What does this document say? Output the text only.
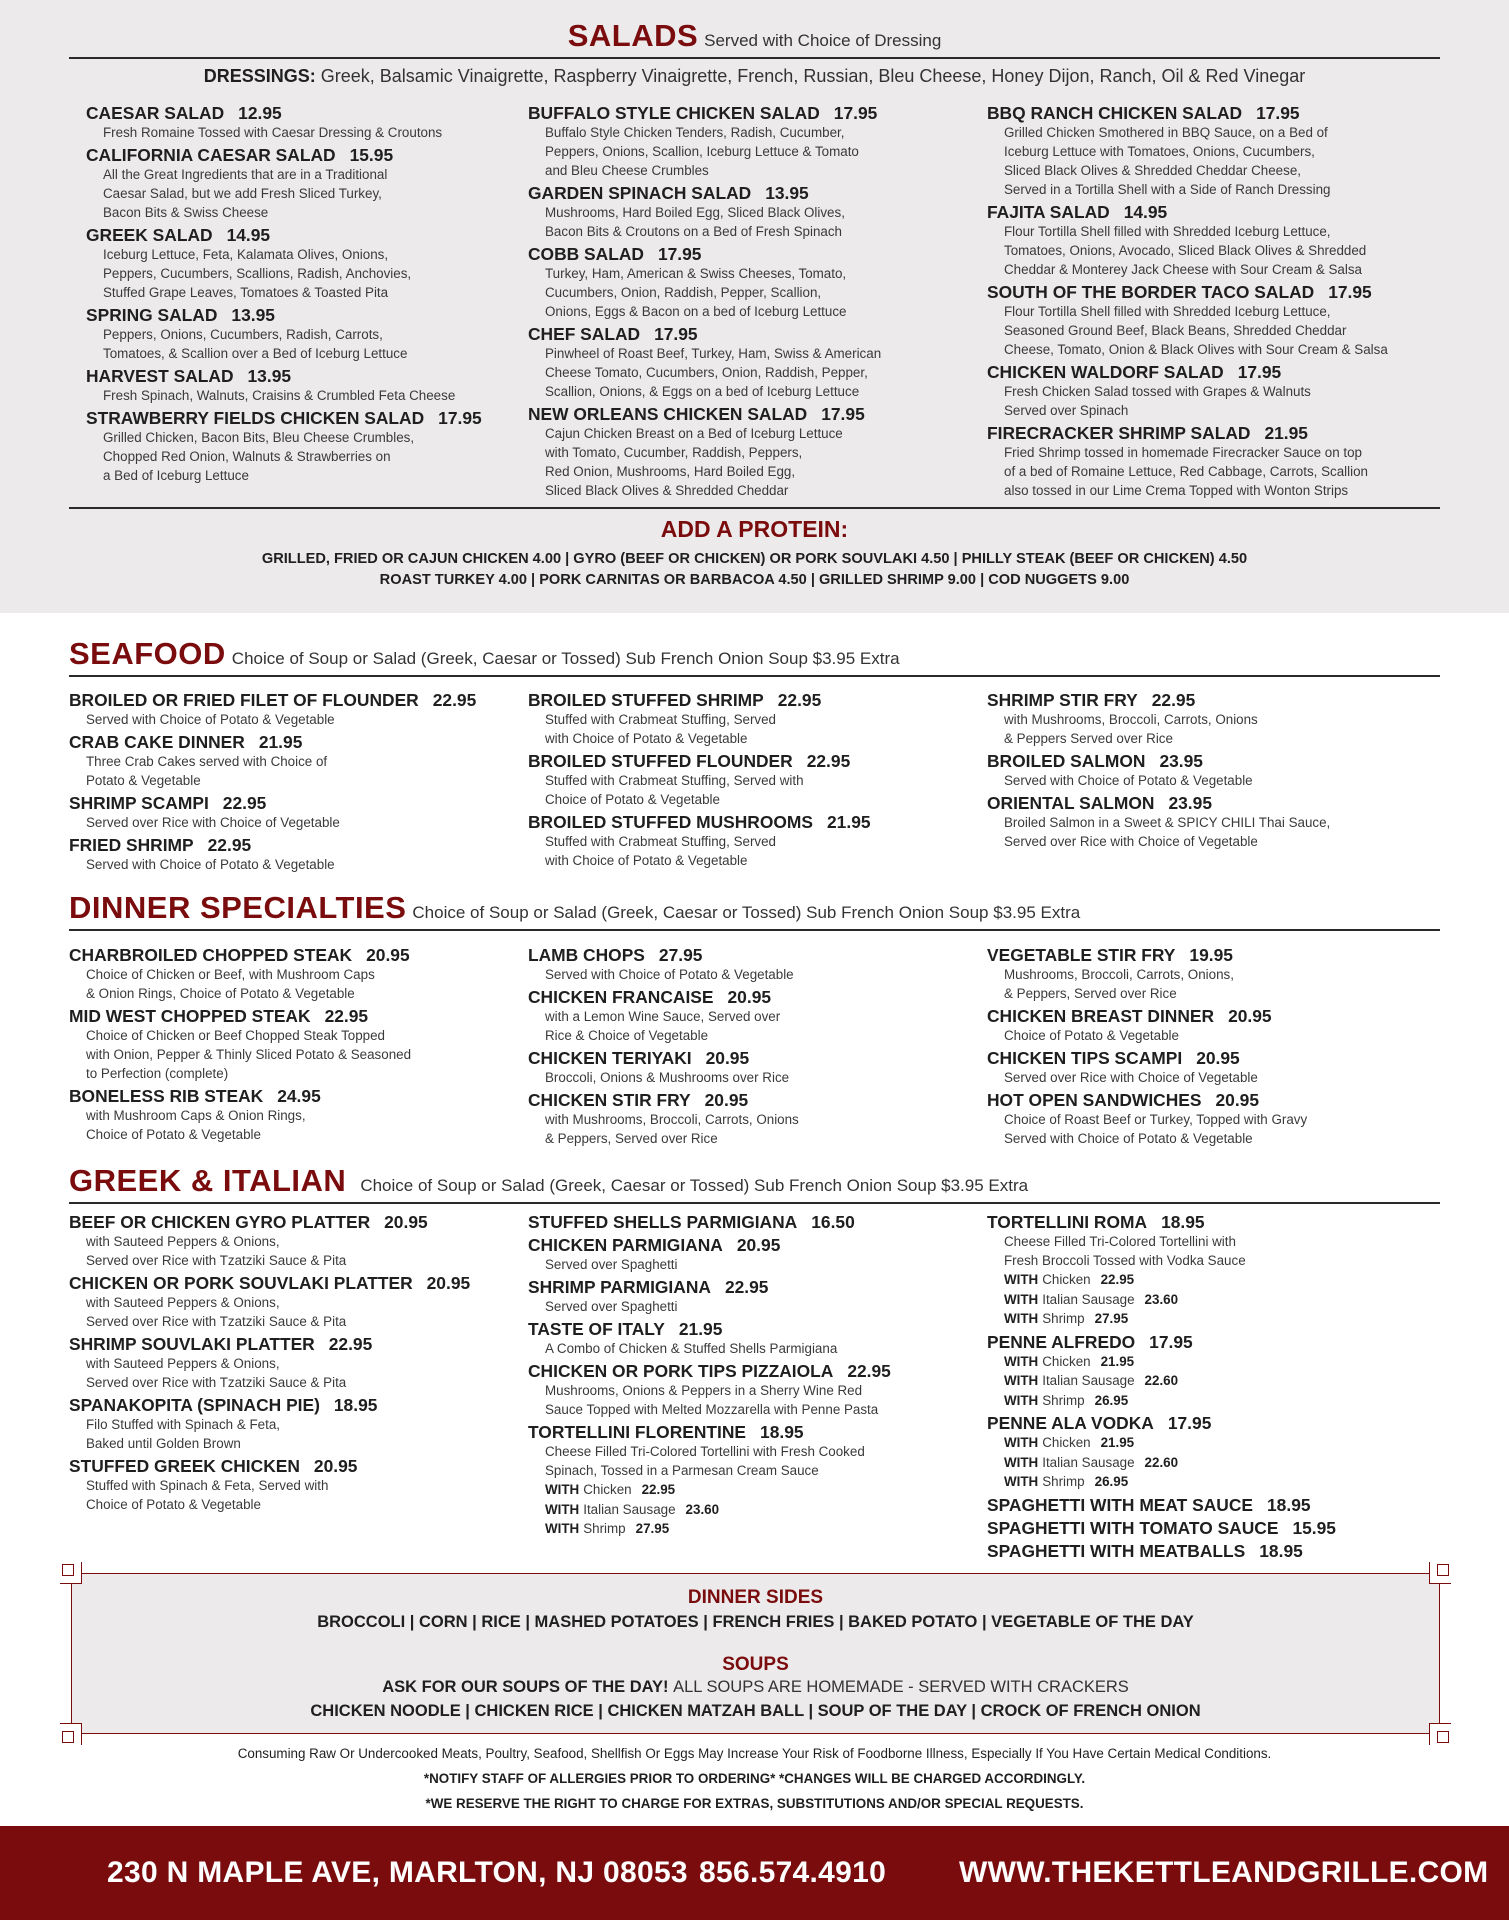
SALADS Served with Choice of Dressing
DRESSINGS: Greek, Balsamic Vinaigrette, Raspberry Vinaigrette, French, Russian, Bleu Cheese, Honey Dijon, Ranch, Oil & Red Vinegar
CAESAR SALAD 12.95
Fresh Romaine Tossed with Caesar Dressing & Croutons
CALIFORNIA CAESAR SALAD 15.95
All the Great Ingredients that are in a Traditional
Caesar Salad, but we add Fresh Sliced Turkey,
Bacon Bits & Swiss Cheese
GREEK SALAD 14.95
Iceburg Lettuce, Feta, Kalamata Olives, Onions,
Peppers, Cucumbers, Scallions, Radish, Anchovies,
Stuffed Grape Leaves, Tomatoes & Toasted Pita
SPRING SALAD 13.95
Peppers, Onions, Cucumbers, Radish, Carrots,
Tomatoes, & Scallion over a Bed of Iceburg Lettuce
HARVEST SALAD 13.95
Fresh Spinach, Walnuts, Craisins & Crumbled Feta Cheese
STRAWBERRY FIELDS CHICKEN SALAD 17.95
Grilled Chicken, Bacon Bits, Bleu Cheese Crumbles,
Chopped Red Onion, Walnuts & Strawberries on
a Bed of Iceburg Lettuce
BUFFALO STYLE CHICKEN SALAD 17.95
Buffalo Style Chicken Tenders, Radish, Cucumber,
Peppers, Onions, Scallion, Iceburg Lettuce & Tomato
and Bleu Cheese Crumbles
GARDEN SPINACH SALAD 13.95
Mushrooms, Hard Boiled Egg, Sliced Black Olives,
Bacon Bits & Croutons on a Bed of Fresh Spinach
COBB SALAD 17.95
Turkey, Ham, American & Swiss Cheeses, Tomato,
Cucumbers, Onion, Raddish, Pepper, Scallion,
Onions, Eggs & Bacon on a bed of Iceburg Lettuce
CHEF SALAD 17.95
Pinwheel of Roast Beef, Turkey, Ham, Swiss & American
Cheese Tomato, Cucumbers, Onion, Raddish, Pepper,
Scallion, Onions, & Eggs on a bed of Iceburg Lettuce
NEW ORLEANS CHICKEN SALAD 17.95
Cajun Chicken Breast on a Bed of Iceburg Lettuce
with Tomato, Cucumber, Raddish, Peppers,
Red Onion, Mushrooms, Hard Boiled Egg,
Sliced Black Olives & Shredded Cheddar
BBQ RANCH CHICKEN SALAD 17.95
Grilled Chicken Smothered in BBQ Sauce, on a Bed of
Iceburg Lettuce with Tomatoes, Onions, Cucumbers,
Sliced Black Olives & Shredded Cheddar Cheese,
Served in a Tortilla Shell with a Side of Ranch Dressing
FAJITA SALAD 14.95
Flour Tortilla Shell filled with Shredded Iceburg Lettuce,
Tomatoes, Onions, Avocado, Sliced Black Olives & Shredded
Cheddar & Monterey Jack Cheese with Sour Cream & Salsa
SOUTH OF THE BORDER TACO SALAD 17.95
Flour Tortilla Shell filled with Shredded Iceburg Lettuce,
Seasoned Ground Beef, Black Beans, Shredded Cheddar
Cheese, Tomato, Onion & Black Olives with Sour Cream & Salsa
CHICKEN WALDORF SALAD 17.95
Fresh Chicken Salad tossed with Grapes & Walnuts
Served over Spinach
FIRECRACKER SHRIMP SALAD 21.95
Fried Shrimp tossed in homemade Firecracker Sauce on top
of a bed of Romaine Lettuce, Red Cabbage, Carrots, Scallion
also tossed in our Lime Crema Topped with Wonton Strips
ADD A PROTEIN:
GRILLED, FRIED OR CAJUN CHICKEN 4.00 | GYRO (BEEF OR CHICKEN) OR PORK SOUVLAKI 4.50 | PHILLY STEAK (BEEF OR CHICKEN) 4.50
ROAST TURKEY 4.00 | PORK CARNITAS OR BARBACOA 4.50 | GRILLED SHRIMP 9.00 | COD NUGGETS 9.00
SEAFOOD Choice of Soup or Salad (Greek, Caesar or Tossed) Sub French Onion Soup $3.95 Extra
BROILED OR FRIED FILET OF FLOUNDER 22.95
Served with Choice of Potato & Vegetable
CRAB CAKE DINNER 21.95
Three Crab Cakes served with Choice of
Potato & Vegetable
SHRIMP SCAMPI 22.95
Served over Rice with Choice of Vegetable
FRIED SHRIMP 22.95
Served with Choice of Potato & Vegetable
BROILED STUFFED SHRIMP 22.95
Stuffed with Crabmeat Stuffing, Served
with Choice of Potato & Vegetable
BROILED STUFFED FLOUNDER 22.95
Stuffed with Crabmeat Stuffing, Served with
Choice of Potato & Vegetable
BROILED STUFFED MUSHROOMS 21.95
Stuffed with Crabmeat Stuffing, Served
with Choice of Potato & Vegetable
SHRIMP STIR FRY 22.95
with Mushrooms, Broccoli, Carrots, Onions
& Peppers Served over Rice
BROILED SALMON 23.95
Served with Choice of Potato & Vegetable
ORIENTAL SALMON 23.95
Broiled Salmon in a Sweet & SPICY CHILI Thai Sauce,
Served over Rice with Choice of Vegetable
DINNER SPECIALTIES Choice of Soup or Salad (Greek, Caesar or Tossed) Sub French Onion Soup $3.95 Extra
CHARBROILED CHOPPED STEAK 20.95
Choice of Chicken or Beef, with Mushroom Caps
& Onion Rings, Choice of Potato & Vegetable
MID WEST CHOPPED STEAK 22.95
Choice of Chicken or Beef Chopped Steak Topped
with Onion, Pepper & Thinly Sliced Potato & Seasoned
to Perfection (complete)
BONELESS RIB STEAK 24.95
with Mushroom Caps & Onion Rings,
Choice of Potato & Vegetable
LAMB CHOPS 27.95
Served with Choice of Potato & Vegetable
CHICKEN FRANCAISE 20.95
with a Lemon Wine Sauce, Served over
Rice & Choice of Vegetable
CHICKEN TERIYAKI 20.95
Broccoli, Onions & Mushrooms over Rice
CHICKEN STIR FRY 20.95
with Mushrooms, Broccoli, Carrots, Onions
& Peppers, Served over Rice
VEGETABLE STIR FRY 19.95
Mushrooms, Broccoli, Carrots, Onions,
& Peppers, Served over Rice
CHICKEN BREAST DINNER 20.95
Choice of Potato & Vegetable
CHICKEN TIPS SCAMPI 20.95
Served over Rice with Choice of Vegetable
HOT OPEN SANDWICHES 20.95
Choice of Roast Beef or Turkey, Topped with Gravy
Served with Choice of Potato & Vegetable
GREEK & ITALIAN Choice of Soup or Salad (Greek, Caesar or Tossed) Sub French Onion Soup $3.95 Extra
BEEF OR CHICKEN GYRO PLATTER 20.95
with Sauteed Peppers & Onions,
Served over Rice with Tzatziki Sauce & Pita
CHICKEN OR PORK SOUVLAKI PLATTER 20.95
with Sauteed Peppers & Onions,
Served over Rice with Tzatziki Sauce & Pita
SHRIMP SOUVLAKI PLATTER 22.95
with Sauteed Peppers & Onions,
Served over Rice with Tzatziki Sauce & Pita
SPANAKOPITA (SPINACH PIE) 18.95
Filo Stuffed with Spinach & Feta,
Baked until Golden Brown
STUFFED GREEK CHICKEN 20.95
Stuffed with Spinach & Feta, Served with
Choice of Potato & Vegetable
STUFFED SHELLS PARMIGIANA 16.50
CHICKEN PARMIGIANA 20.95
Served over Spaghetti
SHRIMP PARMIGIANA 22.95
Served over Spaghetti
TASTE OF ITALY 21.95
A Combo of Chicken & Stuffed Shells Parmigiana
CHICKEN OR PORK TIPS PIZZAIOLA 22.95
Mushrooms, Onions & Peppers in a Sherry Wine Red
Sauce Topped with Melted Mozzarella with Penne Pasta
TORTELLINI FLORENTINE 18.95
Cheese Filled Tri-Colored Tortellini with Fresh Cooked
Spinach, Tossed in a Parmesan Cream Sauce
WITH Chicken 22.95
WITH Italian Sausage 23.60
WITH Shrimp 27.95
TORTELLINI ROMA 18.95
Cheese Filled Tri-Colored Tortellini with
Fresh Broccoli Tossed with Vodka Sauce
WITH Chicken 22.95
WITH Italian Sausage 23.60
WITH Shrimp 27.95
PENNE ALFREDO 17.95
WITH Chicken 21.95
WITH Italian Sausage 22.60
WITH Shrimp 26.95
PENNE ALA VODKA 17.95
WITH Chicken 21.95
WITH Italian Sausage 22.60
WITH Shrimp 26.95
SPAGHETTI WITH MEAT SAUCE 18.95
SPAGHETTI WITH TOMATO SAUCE 15.95
SPAGHETTI WITH MEATBALLS 18.95
DINNER SIDES
BROCCOLI | CORN | RICE | MASHED POTATOES | FRENCH FRIES | BAKED POTATO | VEGETABLE OF THE DAY
SOUPS
ASK FOR OUR SOUPS OF THE DAY! ALL SOUPS ARE HOMEMADE - SERVED WITH CRACKERS
CHICKEN NOODLE | CHICKEN RICE | CHICKEN MATZAH BALL | SOUP OF THE DAY | CROCK OF FRENCH ONION
Consuming Raw Or Undercooked Meats, Poultry, Seafood, Shellfish Or Eggs May Increase Your Risk of Foodborne Illness, Especially If You Have Certain Medical Conditions.
*NOTIFY STAFF OF ALLERGIES PRIOR TO ORDERING* *CHANGES WILL BE CHARGED ACCORDINGLY.
*WE RESERVE THE RIGHT TO CHARGE FOR EXTRAS, SUBSTITUTIONS AND/OR SPECIAL REQUESTS.
230 N MAPLE AVE, MARLTON, NJ 08053 856.574.4910 WWW.THEKETTLEANDGRILLE.COM
